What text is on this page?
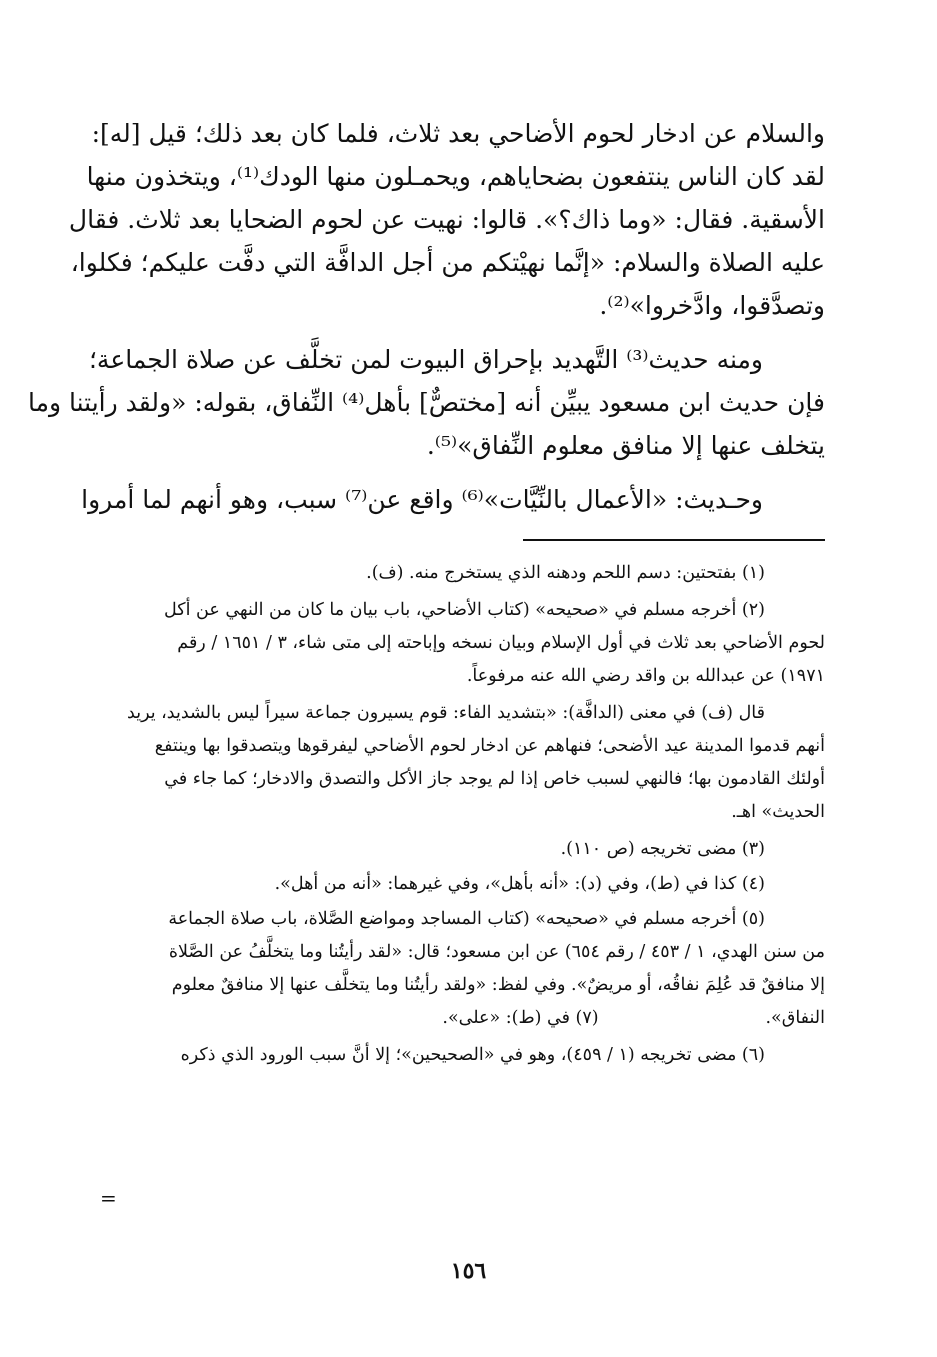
والسلام عن ادخار لحوم الأضاحي بعد ثلاث، فلما كان بعد ذلك؛ قيل [له]:
لقد كان الناس ينتفعون بضحاياهم، ويحمـلون منها الودك⁽¹⁾، ويتخذون منها
الأسقية. فقال: «وما ذاك؟». قالوا: نهيت عن لحوم الضحايا بعد ثلاث. فقال
عليه الصلاة والسلام: «إنَّما نهيْتكم من أجل الدافَّة التي دفَّت عليكم؛ فكلوا،
وتصدَّقوا، وادَّخروا»⁽²⁾.
ومنه حديث⁽³⁾ التَّهديد بإحراق البيوت لمن تخلَّف عن صلاة الجماعة؛
فإن حديث ابن مسعود يبيِّن أنه [مختصٌّ] بأهل⁽⁴⁾ النِّفاق، بقوله: «ولقد رأيتنا وما
يتخلف عنها إلا منافق معلوم النِّفاق»⁽⁵⁾.
وحـديث: «الأعمال بالنِّيَّات»⁽⁶⁾ واقع عن⁽⁷⁾ سبب، وهو أنهم لما أمروا
(١) بفتحتين: دسم اللحم ودهنه الذي يستخرج منه. (ف).
(٢) أخرجه مسلم في «صحيحه» (كتاب الأضاحي، باب بيان ما كان من النهي عن أكل
لحوم الأضاحي بعد ثلاث في أول الإسلام وبيان نسخه وإباحته إلى متى شاء، ٣ / ١٦٥١ / رقم
١٩٧١) عن عبدالله بن واقد رضي الله عنه مرفوعاً.
قال (ف) في معنى (الدافَّة): «بتشديد الفاء: قوم يسيرون جماعة سيراً ليس بالشديد، يريد
أنهم قدموا المدينة عيد الأضحى؛ فنهاهم عن ادخار لحوم الأضاحي ليفرقوها ويتصدقوا بها وينتفع
أولئك القادمون بها؛ فالنهي لسبب خاص إذا لم يوجد جاز الأكل والتصدق والادخار؛ كما جاء في
الحديث» اهـ.
(٣) مضى تخريجه (ص ١١٠).
(٤) كذا في (ط)، وفي (د): «أنه بأهل»، وفي غيرهما: «أنه من أهل».
(٥) أخرجه مسلم في «صحيحه» (كتاب المساجد ومواضع الصَّلاة، باب صلاة الجماعة
من سنن الهدي، ١ / ٤٥٣ / رقم ٦٥٤) عن ابن مسعود؛ قال: «لقد رأيتُنا وما يتخلَّفُ عن الصَّلاة
إلا منافقٌ قد عُلِمَ نفاقُه، أو مريضٌ». وفي لفظ: «ولقد رأيتُنا وما يتخلَّف عنها إلا منافقٌ معلوم
النفاق».                              (٧) في (ط): «على».
(٦) مضى تخريجه (١ / ٤٥٩)، وهو في «الصحيحين»؛ إلا أنَّ سبب الورود الذي ذكره
=
١٥٦
